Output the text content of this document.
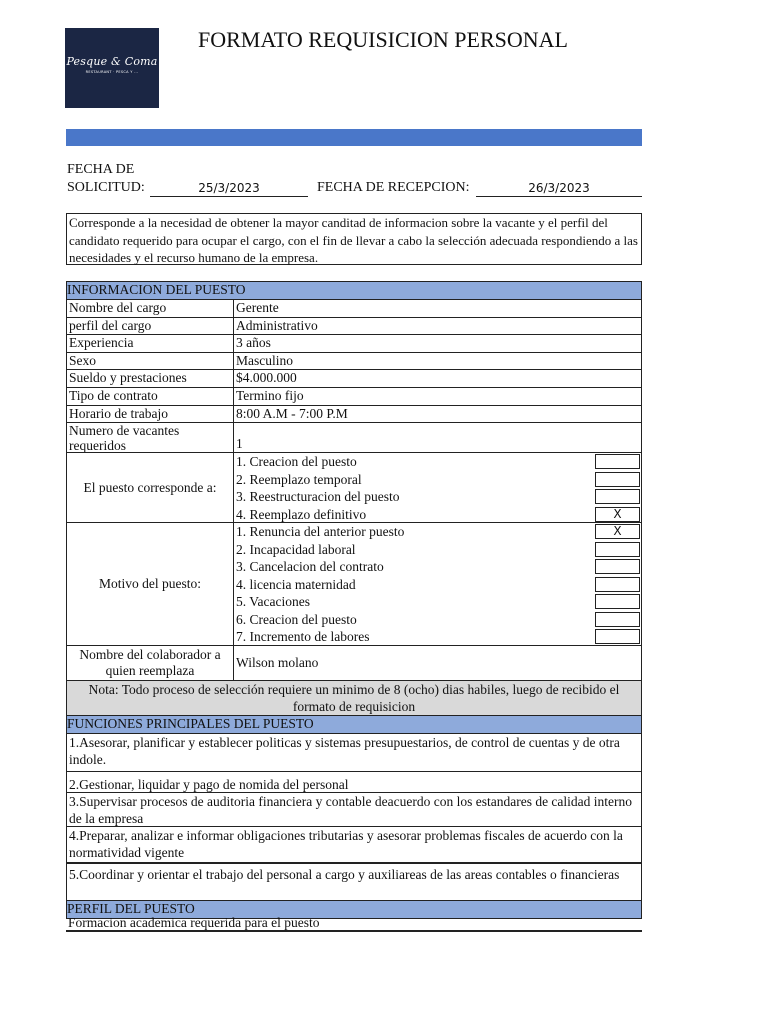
Pesque & Coma
RESTAURANT · PESCA Y ...
FORMATO REQUISICION PERSONAL
FECHA DE
SOLICITUD:	25/3/2023	FECHA DE RECEPCION:	26/3/2023
Corresponde a la necesidad de obtener la mayor canditad de informacion sobre la vacante y el perfil del candidato requerido para ocupar el cargo, con el fin de llevar a cabo la selección adecuada respondiendo a las necesidades y el recurso humano de la empresa.
INFORMACION DEL PUESTO
Nombre del cargo	Gerente
perfil del cargo	Administrativo
Experiencia	3 años
Sexo	Masculino
Sueldo y prestaciones	$4.000.000
Tipo de contrato	Termino fijo
Horario de trabajo	8:00 A.M - 7:00 P.M
Numero de vacantes requeridos	1
El puesto corresponde a:
1. Creacion del puesto
2. Reemplazo temporal
3. Reestructuracion del puesto
4. Reemplazo definitivo	X
Motivo del puesto:
1. Renuncia del anterior puesto	X
2. Incapacidad laboral
3. Cancelacion del contrato
4. licencia maternidad
5. Vacaciones
6. Creacion del puesto
7. Incremento de labores
Nombre del colaborador a quien reemplaza
Wilson molano
Nota: Todo proceso de selección requiere un minimo de 8 (ocho) dias habiles, luego de recibido el formato de requisicion
FUNCIONES PRINCIPALES DEL PUESTO
1.Asesorar, planificar y establecer politicas y sistemas presupuestarios, de control de cuentas y de otra indole.
2.Gestionar, liquidar y pago de nomida del personal
3.Supervisar procesos de auditoria financiera y contable deacuerdo con los estandares de calidad interno de la empresa
4.Preparar, analizar e informar obligaciones tributarias y asesorar problemas fiscales de acuerdo con la normatividad vigente
5.Coordinar y orientar el trabajo del personal a cargo y auxiliareas de las areas contables o financieras
PERFIL DEL PUESTO
Formacion academica requerida para el puesto
